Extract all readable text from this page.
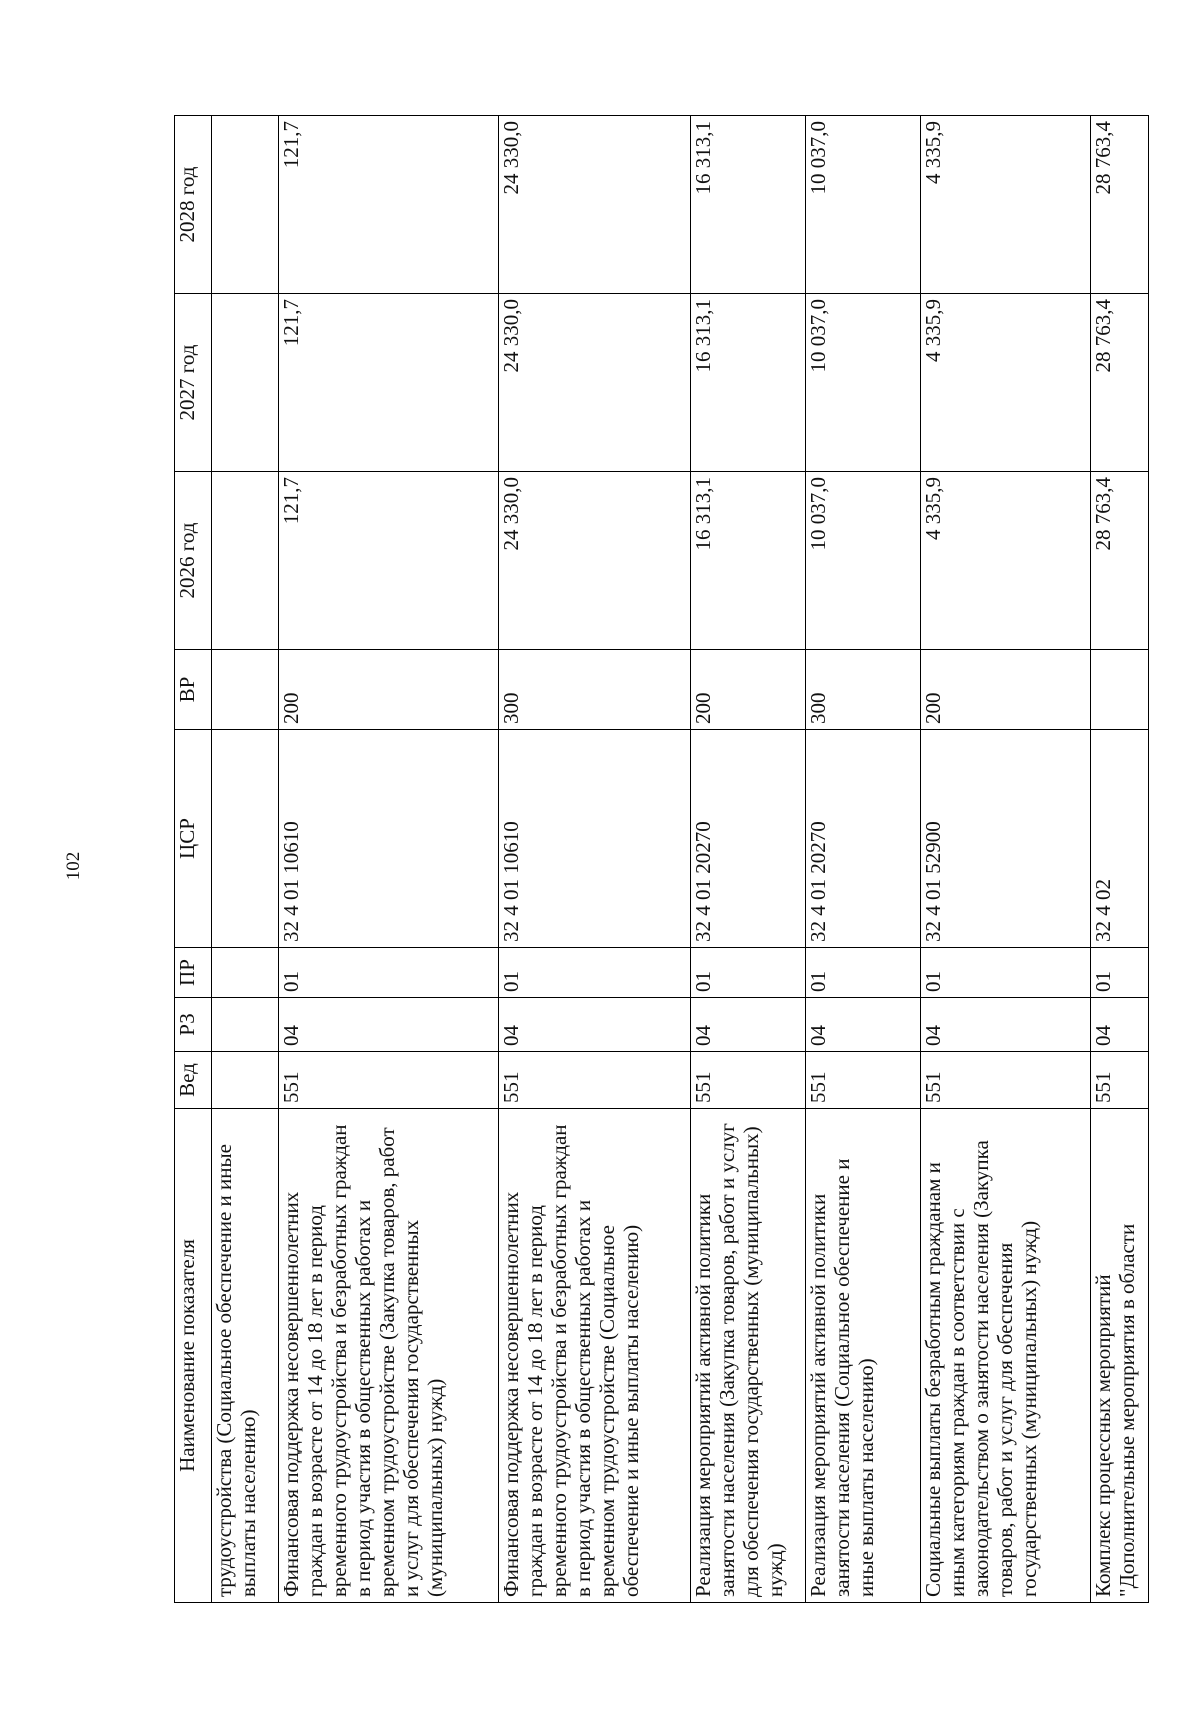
102
Наименование показателя	Вед	РЗ	ПР	ЦСР	ВР	2026 год	2027 год	2028 год
трудоустройства (Социальное обеспечение и иные выплаты населению)								
Финансовая поддержка несовершеннолетних граждан в возрасте от 14 до 18 лет в период временного трудоустройства и безработных граждан в период участия в общественных работах и временном трудоустройстве (Закупка товаров, работ и услуг для обеспечения государственных (муниципальных) нужд)	551	04	01	32 4 01 10610	200	121,7	121,7	121,7
Финансовая поддержка несовершеннолетних граждан в возрасте от 14 до 18 лет в период временного трудоустройства и безработных граждан в период участия в общественных работах и временном трудоустройстве (Социальное обеспечение и иные выплаты населению)	551	04	01	32 4 01 10610	300	24 330,0	24 330,0	24 330,0
Реализация мероприятий активной политики занятости населения (Закупка товаров, работ и услуг для обеспечения государственных (муниципальных) нужд)	551	04	01	32 4 01 20270	200	16 313,1	16 313,1	16 313,1
Реализация мероприятий активной политики занятости населения (Социальное обеспечение и иные выплаты населению)	551	04	01	32 4 01 20270	300	10 037,0	10 037,0	10 037,0
Социальные выплаты безработным гражданам и иным категориям граждан в соответствии с законодательством о занятости населения (Закупка товаров, работ и услуг для обеспечения государственных (муниципальных) нужд)	551	04	01	32 4 01 52900	200	4 335,9	4 335,9	4 335,9
Комплекс процессных мероприятий "Дополнительные мероприятия в области	551	04	01	32 4 02		28 763,4	28 763,4	28 763,4
